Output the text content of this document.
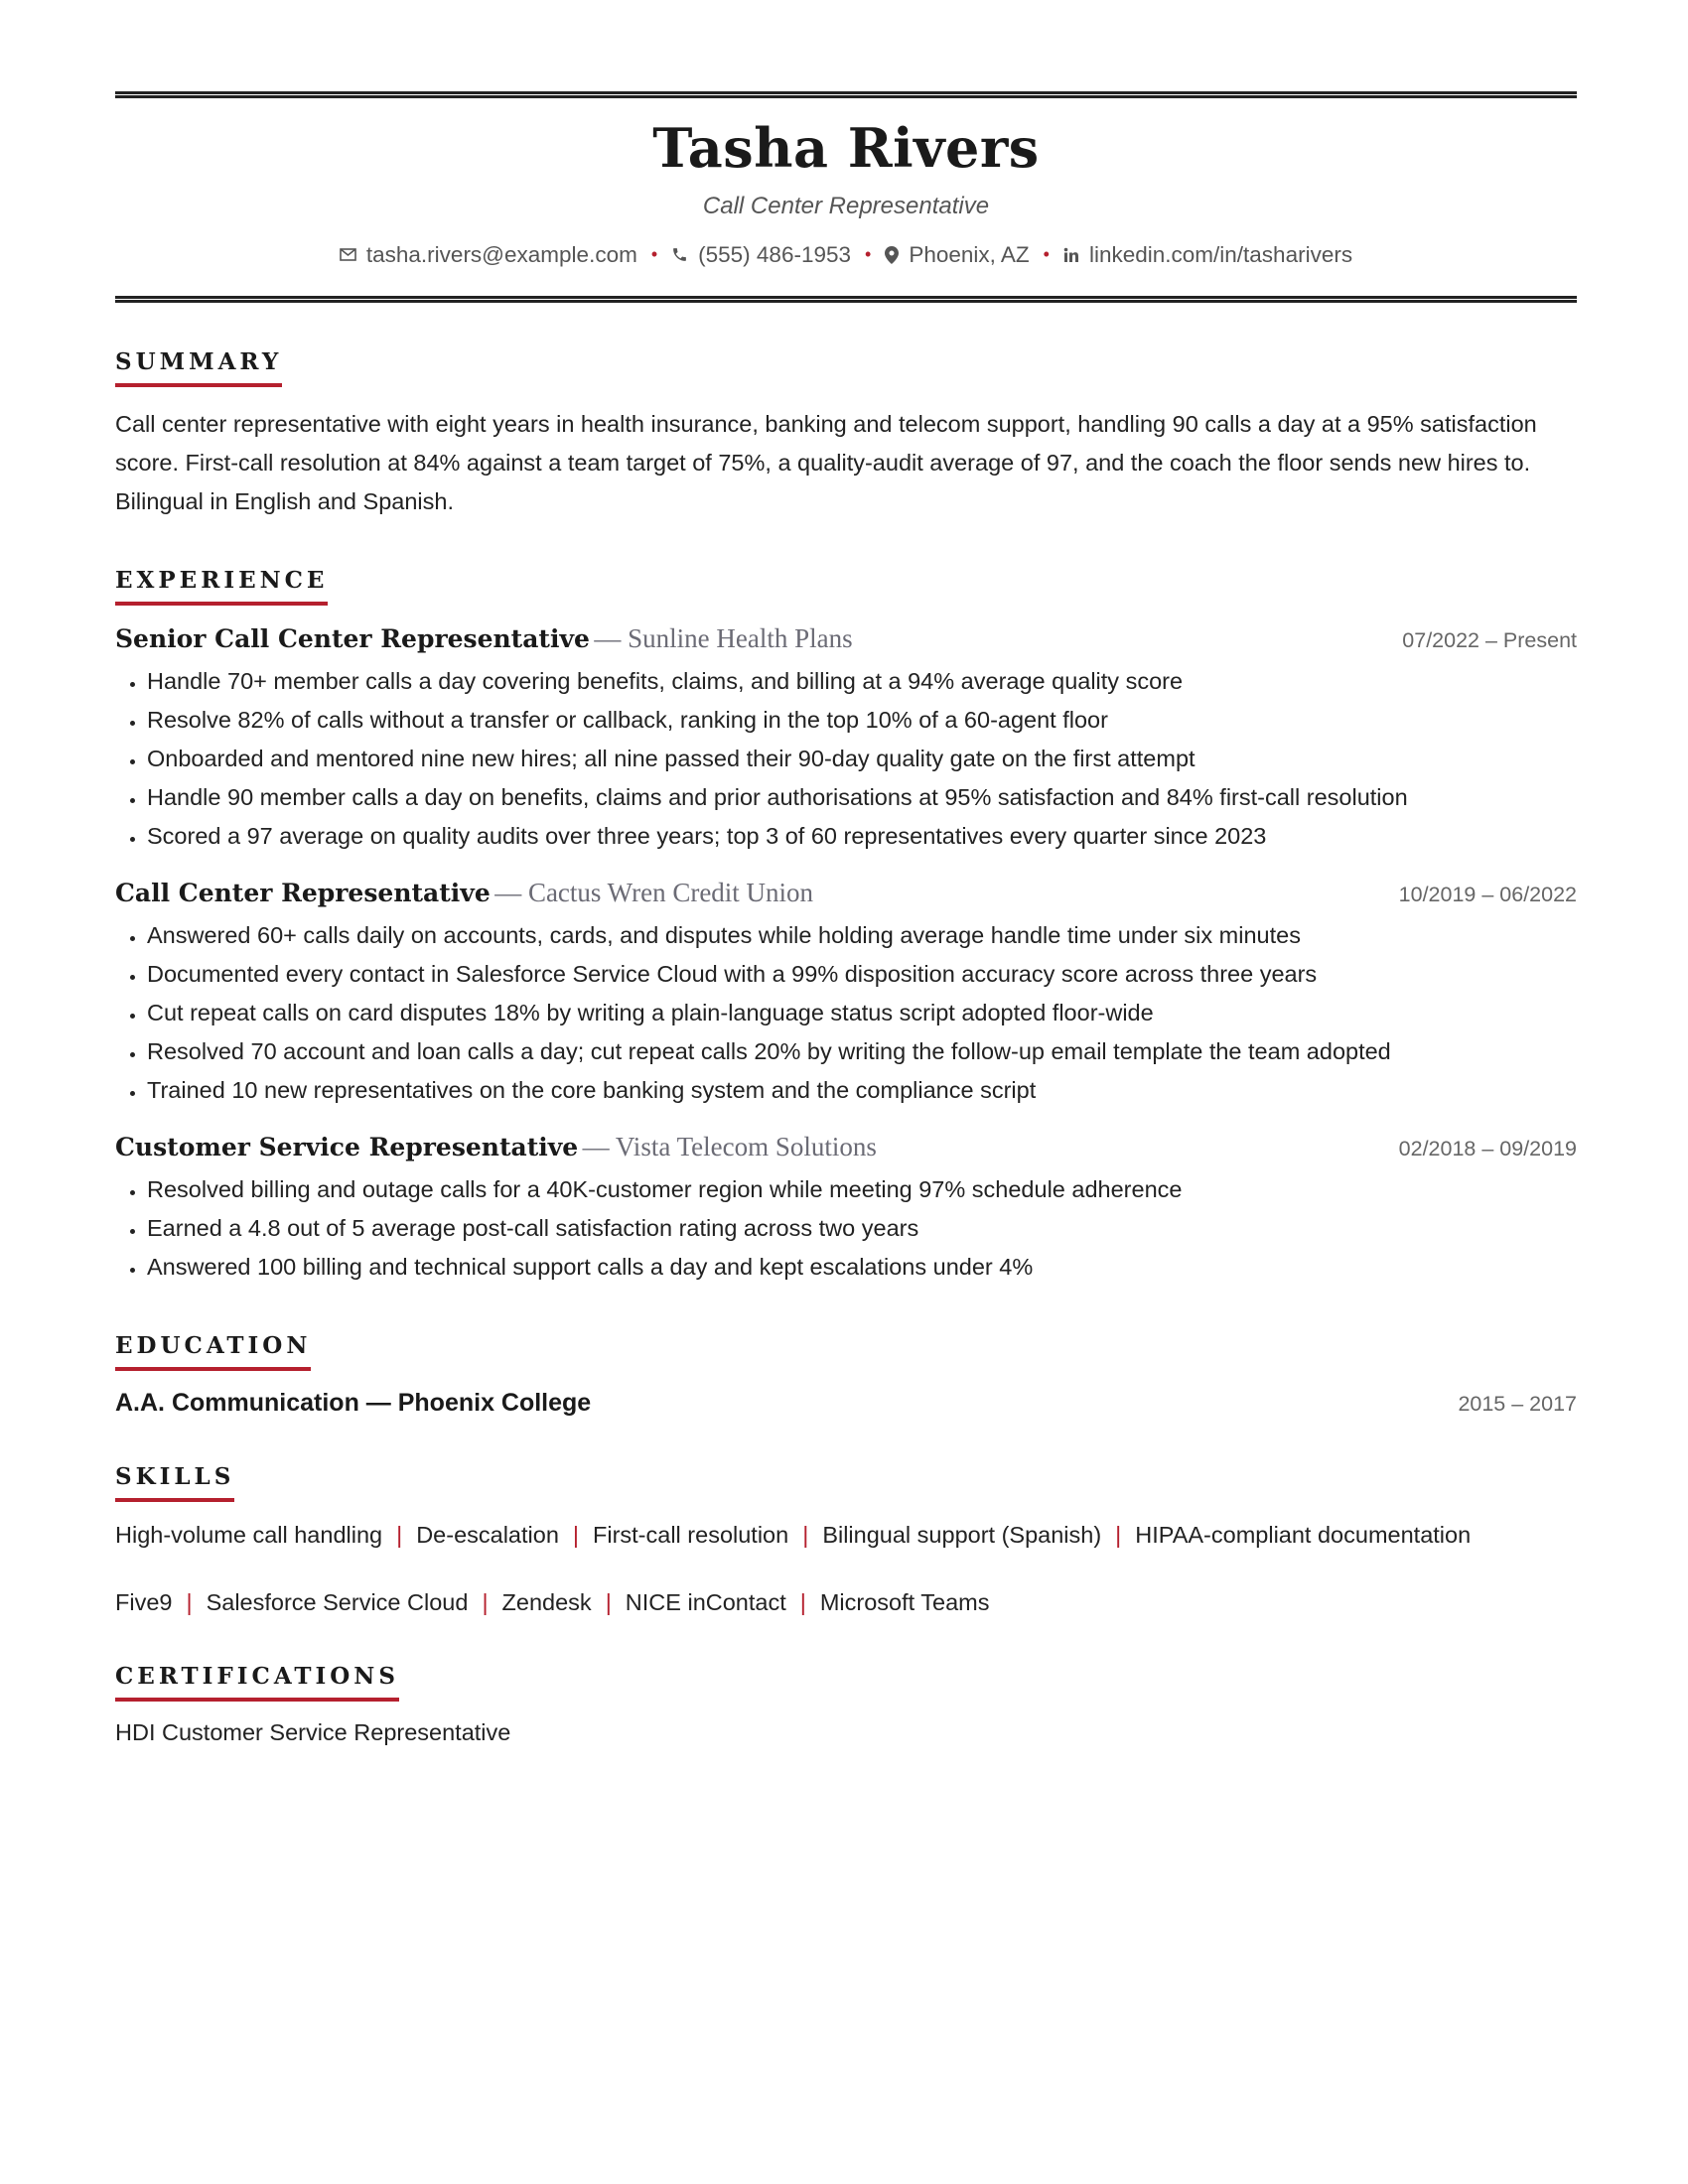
Tasha Rivers
Call Center Representative
tasha.rivers@example.com • (555) 486-1953 • Phoenix, AZ • linkedin.com/in/tasharivers
SUMMARY
Call center representative with eight years in health insurance, banking and telecom support, handling 90 calls a day at a 95% satisfaction score. First-call resolution at 84% against a team target of 75%, a quality-audit average of 97, and the coach the floor sends new hires to. Bilingual in English and Spanish.
EXPERIENCE
Senior Call Center Representative — Sunline Health Plans	07/2022 – Present
• Handle 70+ member calls a day covering benefits, claims, and billing at a 94% average quality score
• Resolve 82% of calls without a transfer or callback, ranking in the top 10% of a 60-agent floor
• Onboarded and mentored nine new hires; all nine passed their 90-day quality gate on the first attempt
• Handle 90 member calls a day on benefits, claims and prior authorisations at 95% satisfaction and 84% first-call resolution
• Scored a 97 average on quality audits over three years; top 3 of 60 representatives every quarter since 2023
Call Center Representative — Cactus Wren Credit Union	10/2019 – 06/2022
• Answered 60+ calls daily on accounts, cards, and disputes while holding average handle time under six minutes
• Documented every contact in Salesforce Service Cloud with a 99% disposition accuracy score across three years
• Cut repeat calls on card disputes 18% by writing a plain-language status script adopted floor-wide
• Resolved 70 account and loan calls a day; cut repeat calls 20% by writing the follow-up email template the team adopted
• Trained 10 new representatives on the core banking system and the compliance script
Customer Service Representative — Vista Telecom Solutions	02/2018 – 09/2019
• Resolved billing and outage calls for a 40K-customer region while meeting 97% schedule adherence
• Earned a 4.8 out of 5 average post-call satisfaction rating across two years
• Answered 100 billing and technical support calls a day and kept escalations under 4%
EDUCATION
A.A. Communication — Phoenix College	2015 – 2017
SKILLS
High-volume call handling | De-escalation | First-call resolution | Bilingual support (Spanish) | HIPAA-compliant documentation
Five9 | Salesforce Service Cloud | Zendesk | NICE inContact | Microsoft Teams
CERTIFICATIONS
HDI Customer Service Representative
